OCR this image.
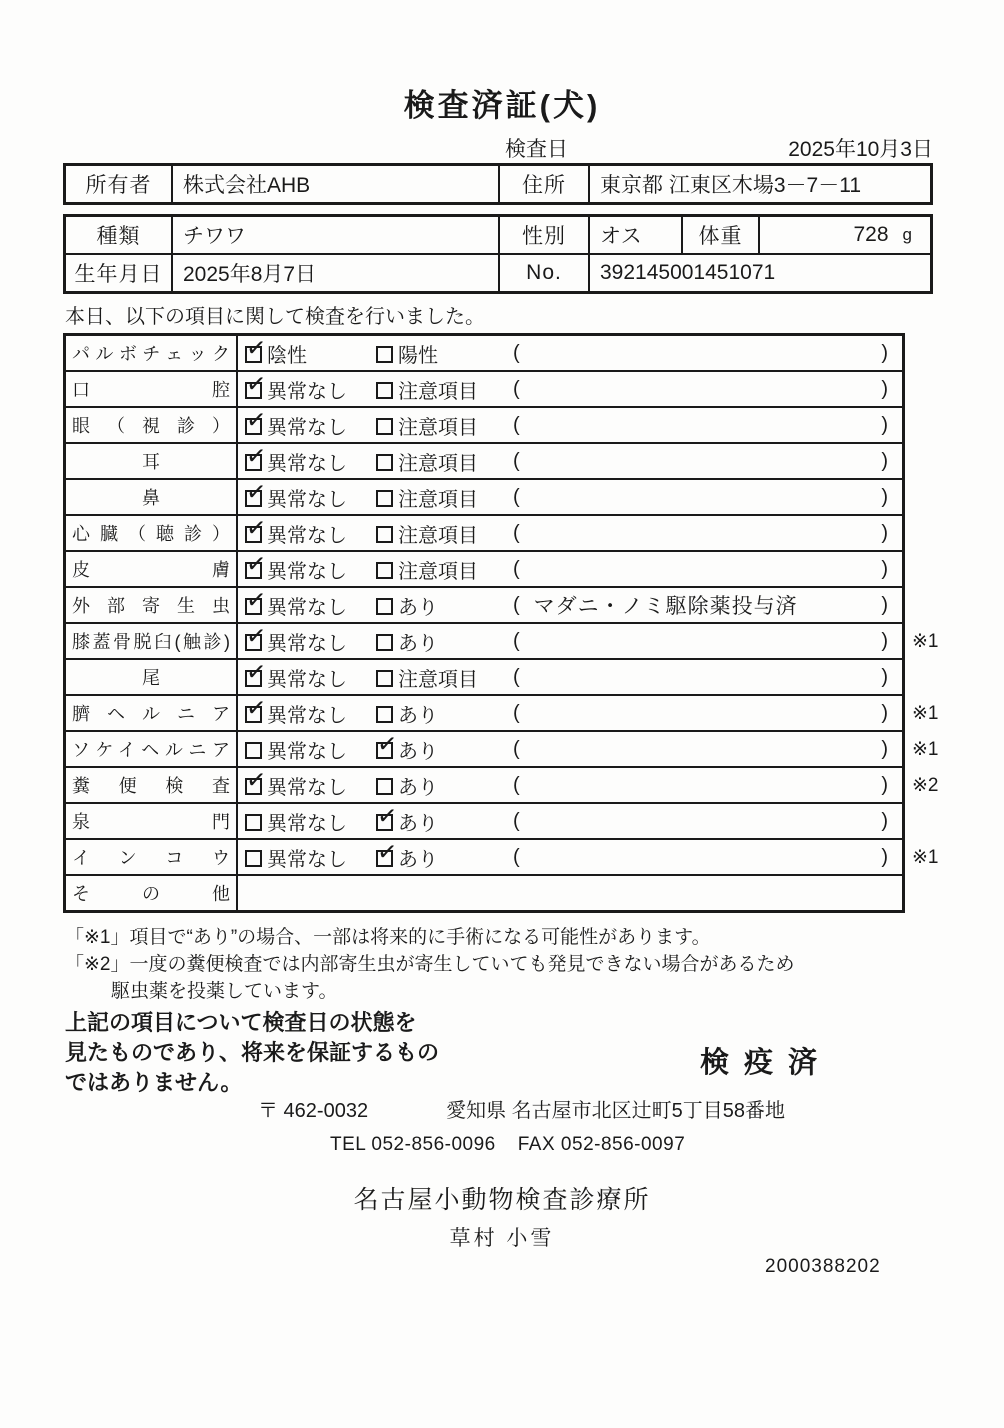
検査済証(犬)
検査日	2025年10月3日
所有者	株式会社AHB	住所	東京都 江東区木場3－7－11
種類	チワワ	性別	オス	体重	728 g
生年月日 2025年8月7日	No.	392145001451071
本日、以下の項目に関して検査を行いました。
パルボチェック ✓ 陰性	陽性	(	)
口腔 ✓ 異常なし	注意項目 (	)
眼（視診） ✓ 異常なし	注意項目 (	)
耳 ✓	異常なし	注意項目 (	)
鼻 ✓	異常なし	注意項目 (	)
心臓（聴診） ✓ 異常なし	注意項目 (	)
皮膚 ✓ 異常なし	注意項目 (	)
外部寄生虫 ✓ 異常なし	あり	( マダニ・ノミ駆除薬投与済	)
膝蓋骨脱臼(触診) ✓ 異常なし	あり	(	) ※1
尾 ✓	異常なし	注意項目 (	)
臍ヘルニア ✓ 異常なし	あり	(	) ※1
ソケイヘルニア 異常なし ✓	あり	(	) ※1
糞便検査 ✓ 異常なし	あり	(	) ※2
泉門 異常なし ✓	あり	(	)
インコウ 異常なし ✓	あり	(	) ※1
その他
「※1」項目で“あり”の場合、一部は将来的に手術になる可能性があります。
「※2」一度の糞便検査では内部寄生虫が寄生していても発見できない場合があるため
駆虫薬を投薬しています。
上記の項目について検査日の状態を
見たものであり、将来を保証するもの
ではありません。
検疫済
〒 462-0032	愛知県 名古屋市北区辻町5丁目58番地
TEL 052-856-0096 FAX 052-856-0097
名古屋小動物検査診療所
草村 小雪
2000388202
